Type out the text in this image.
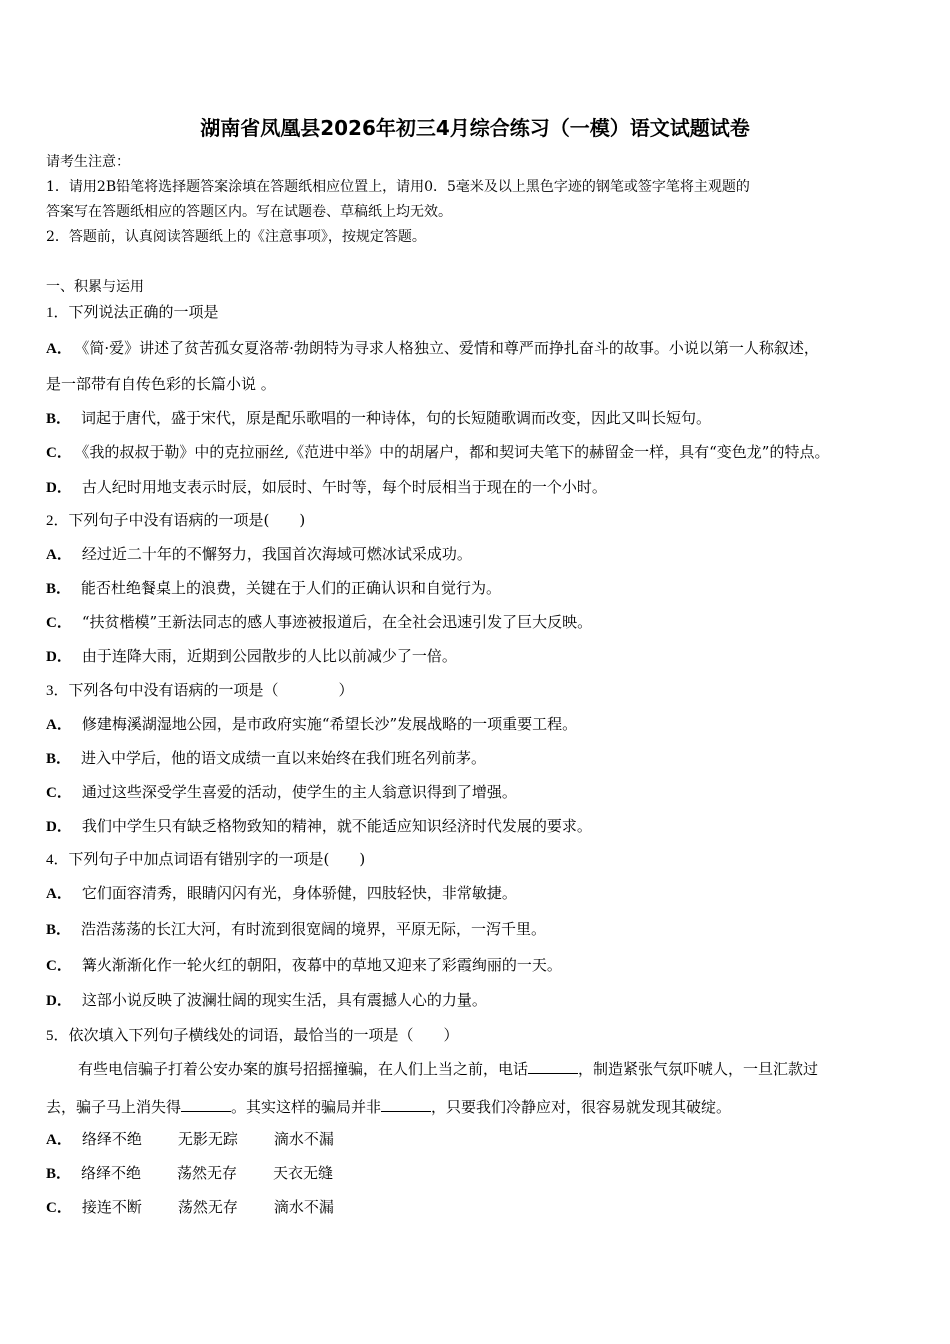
湖南省凤凰县2026年初三4月综合练习（一模）语文试题试卷
请考生注意：
1．请用2B铅笔将选择题答案涂填在答题纸相应位置上，请用0．5毫米及以上黑色字迹的钢笔或签字笔将主观题的
答案写在答题纸相应的答题区内。写在试题卷、草稿纸上均无效。
2．答题前，认真阅读答题纸上的《注意事项》，按规定答题。
一、积累与运用
1．下列说法正确的一项是
A． 《简·爱》讲述了贫苦孤女夏洛蒂·勃朗特为寻求人格独立、爱情和尊严而挣扎奋斗的故事。小说以第一人称叙述，
是一部带有自传色彩的长篇小说 。
B． 词起于唐代，盛于宋代，原是配乐歌唱的一种诗体，句的长短随歌调而改变，因此又叫长短句。
C． 《我的叔叔于勒》中的克拉丽丝,《范进中举》中的胡屠户，都和契诃夫笔下的赫留金一样，具有“变色龙”的特点。
D． 古人纪时用地支表示时辰，如辰时、午时等，每个时辰相当于现在的一个小时。
2．下列句子中没有语病的一项是(　　)
A． 经过近二十年的不懈努力，我国首次海域可燃冰试采成功。
B． 能否杜绝餐桌上的浪费，关键在于人们的正确认识和自觉行为。
C． “扶贫楷模”王新法同志的感人事迹被报道后，在全社会迅速引发了巨大反映。
D． 由于连降大雨，近期到公园散步的人比以前减少了一倍。
3．下列各句中没有语病的一项是（　　　　）
A． 修建梅溪湖湿地公园，是市政府实施“希望长沙”发展战略的一项重要工程。
B． 进入中学后，他的语文成绩一直以来始终在我们班名列前茅。
C． 通过这些深受学生喜爱的活动，使学生的主人翁意识得到了增强。
D． 我们中学生只有缺乏格物致知的精神，就不能适应知识经济时代发展的要求。
4．下列句子中加点词语有错别字的一项是(　　)
A． 它们面容清秀，眼睛闪闪有光，身体骄健，四肢轻快，非常敏捷。
B． 浩浩荡荡的长江大河，有时流到很宽阔的境界，平原无际，一泻千里。
C． 篝火渐渐化作一轮火红的朝阳，夜幕中的草地又迎来了彩霞绚丽的一天。
D． 这部小说反映了波澜壮阔的现实生活，具有震撼人心的力量。
5．依次填入下列句子横线处的词语，最恰当的一项是（　　）
有些电信骗子打着公安办案的旗号招摇撞骗，在人们上当之前，电话	，制造紧张气氛吓唬人，一旦汇款过
去，骗子马上消失得	。其实这样的骗局并非	，只要我们冷静应对，很容易就发现其破绽。
A． 络绎不绝 无影无踪 滴水不漏
B． 络绎不绝 荡然无存 天衣无缝
C． 接连不断 荡然无存 滴水不漏
